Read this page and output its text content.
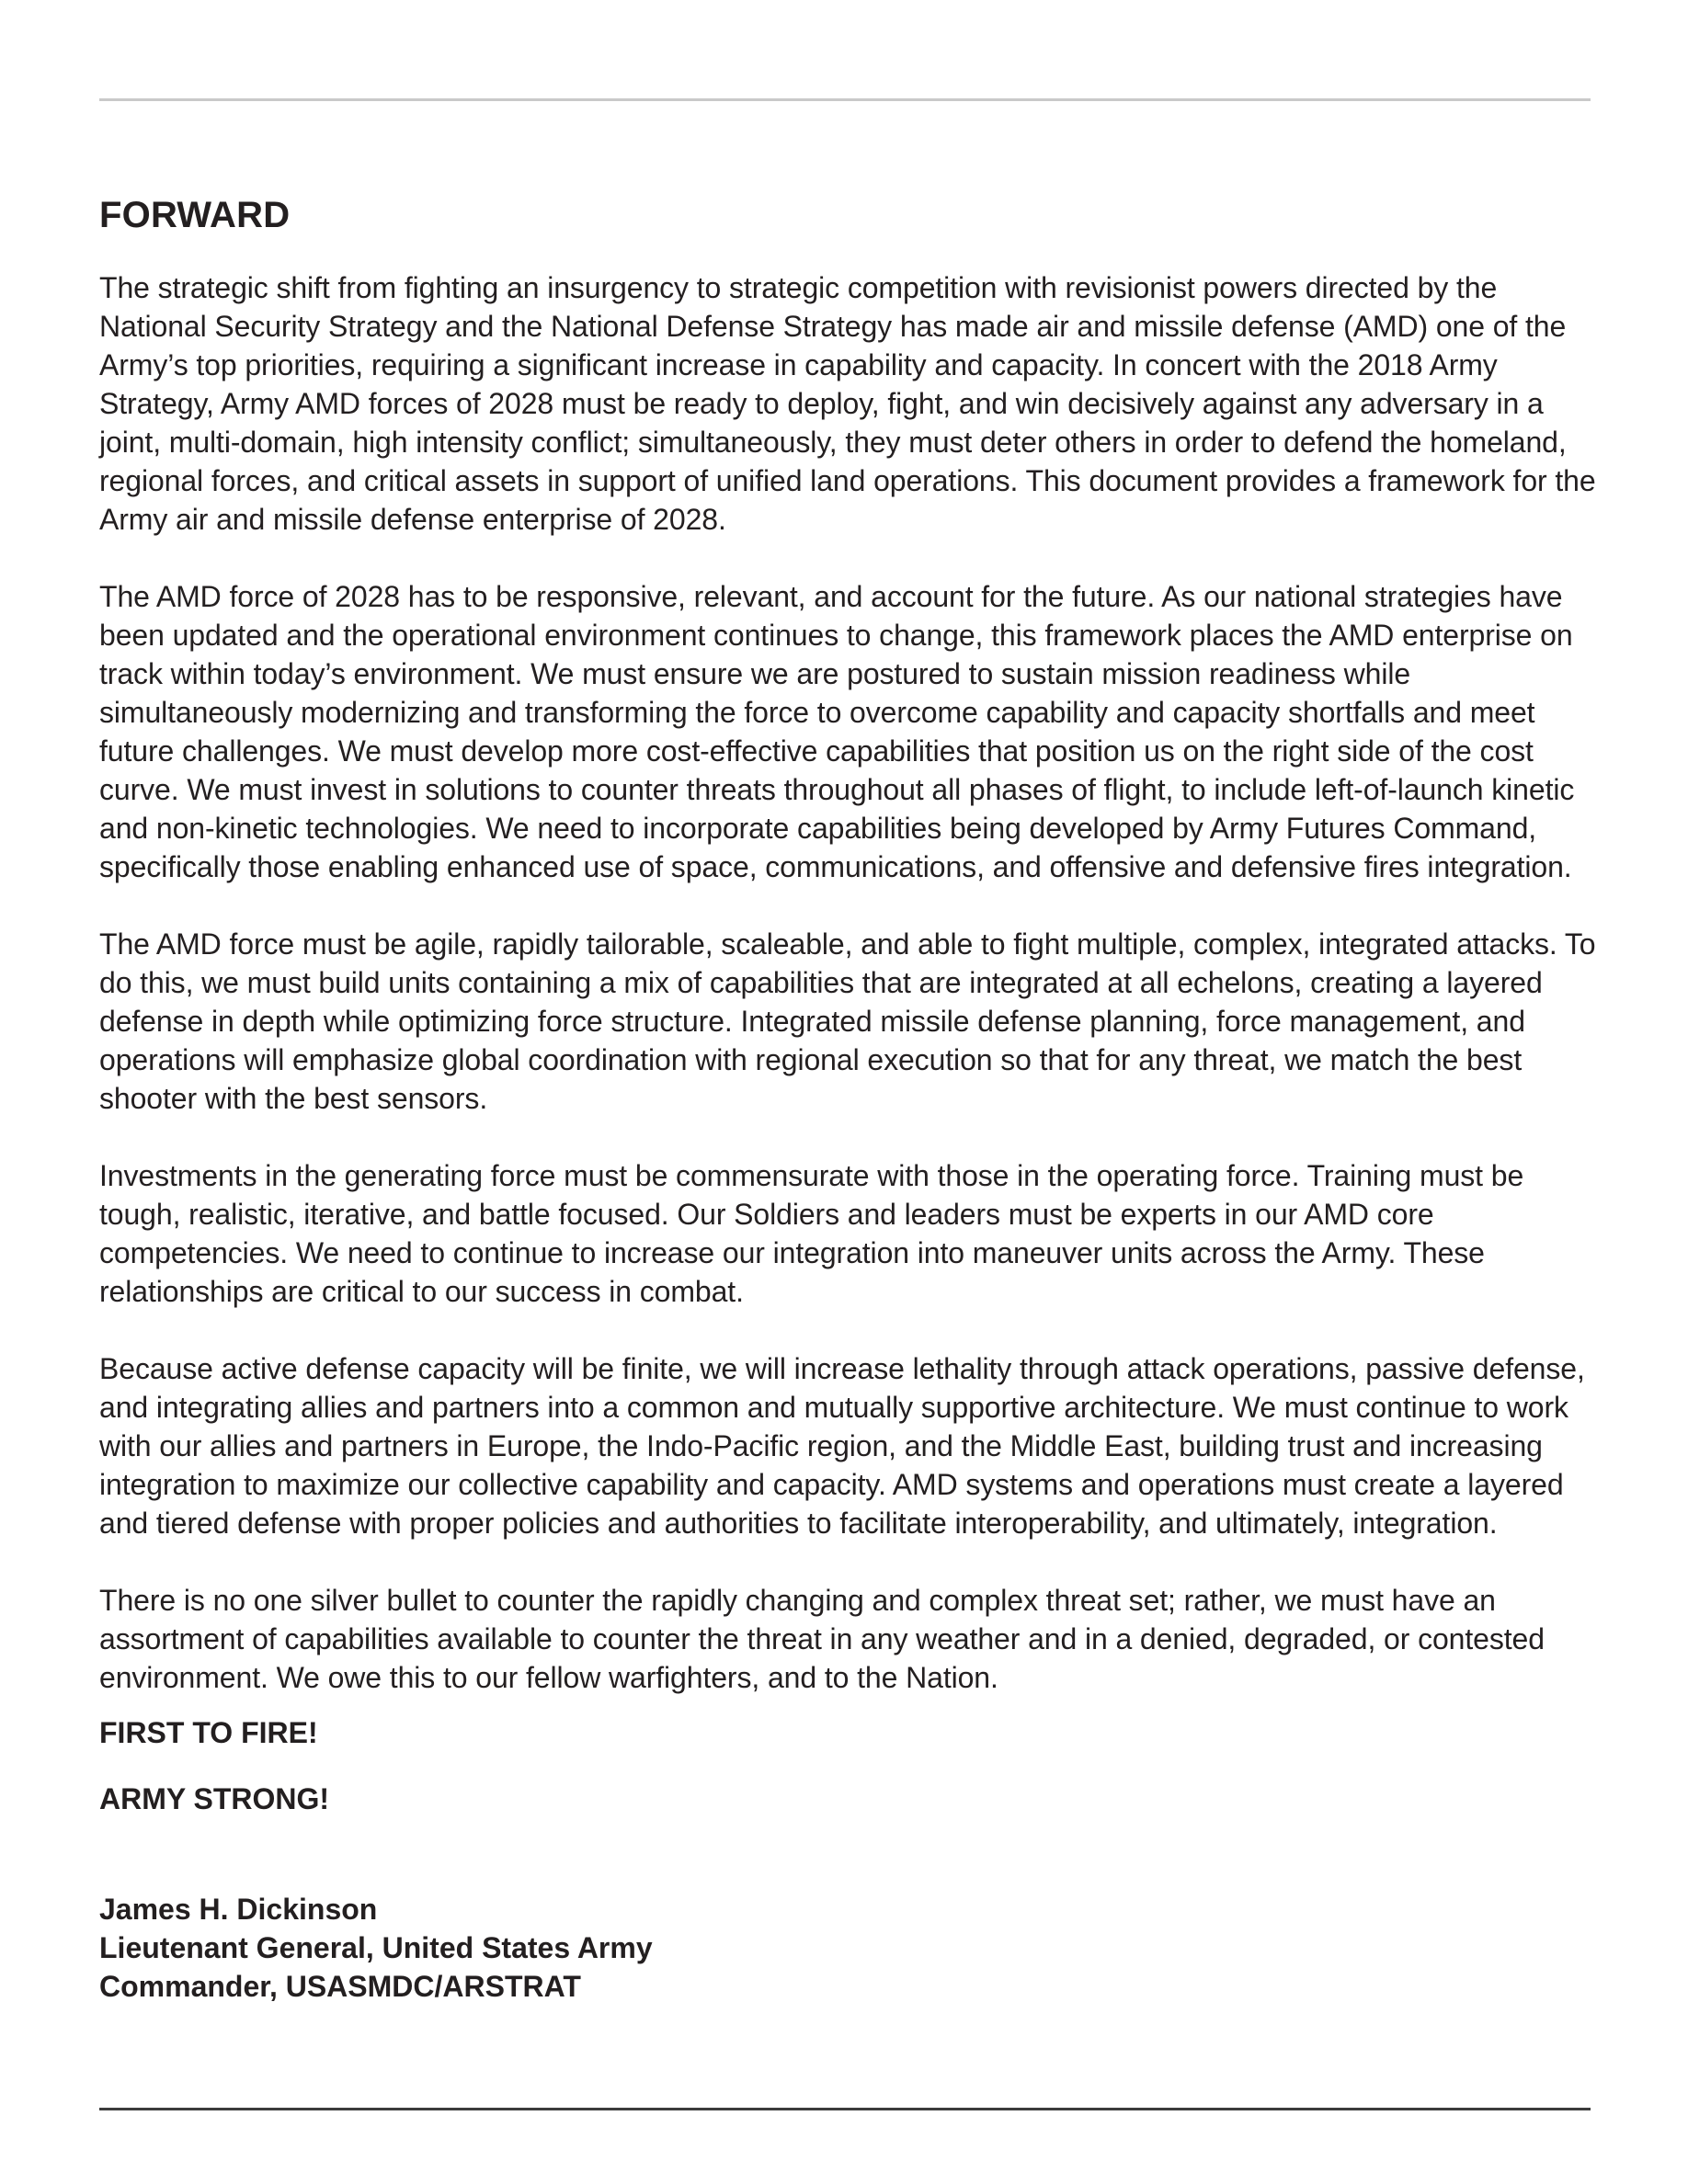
FORWARD

The strategic shift from fighting an insurgency to strategic competition with revisionist powers directed by the National Security Strategy and the National Defense Strategy has made air and missile defense (AMD) one of the Army’s top priorities, requiring a significant increase in capability and capacity. In concert with the 2018 Army Strategy, Army AMD forces of 2028 must be ready to deploy, fight, and win decisively against any adversary in a joint, multi-domain, high intensity conflict; simultaneously, they must deter others in order to defend the homeland, regional forces, and critical assets in support of unified land operations. This document provides a framework for the Army air and missile defense enterprise of 2028.

The AMD force of 2028 has to be responsive, relevant, and account for the future. As our national strategies have been updated and the operational environment continues to change, this framework places the AMD enterprise on track within today’s environment. We must ensure we are postured to sustain mission readiness while simultaneously modernizing and transforming the force to overcome capability and capacity shortfalls and meet future challenges. We must develop more cost-effective capabilities that position us on the right side of the cost curve. We must invest in solutions to counter threats throughout all phases of flight, to include left-of-launch kinetic and non-kinetic technologies. We need to incorporate capabilities being developed by Army Futures Command, specifically those enabling enhanced use of space, communications, and offensive and defensive fires integration.

The AMD force must be agile, rapidly tailorable, scaleable, and able to fight multiple, complex, integrated attacks. To do this, we must build units containing a mix of capabilities that are integrated at all echelons, creating a layered defense in depth while optimizing force structure. Integrated missile defense planning, force management, and operations will emphasize global coordination with regional execution so that for any threat, we match the best shooter with the best sensors.

Investments in the generating force must be commensurate with those in the operating force. Training must be tough, realistic, iterative, and battle focused. Our Soldiers and leaders must be experts in our AMD core competencies. We need to continue to increase our integration into maneuver units across the Army. These relationships are critical to our success in combat.

Because active defense capacity will be finite, we will increase lethality through attack operations, passive defense, and integrating allies and partners into a common and mutually supportive architecture. We must continue to work with our allies and partners in Europe, the Indo-Pacific region, and the Middle East, building trust and increasing integration to maximize our collective capability and capacity. AMD systems and operations must create a layered and tiered defense with proper policies and authorities to facilitate interoperability, and ultimately, integration.

There is no one silver bullet to counter the rapidly changing and complex threat set; rather, we must have an assortment of capabilities available to counter the threat in any weather and in a denied, degraded, or contested environment. We owe this to our fellow warfighters, and to the Nation.

FIRST TO FIRE!

ARMY STRONG!

James H. Dickinson
Lieutenant General, United States Army
Commander, USASMDC/ARSTRAT
